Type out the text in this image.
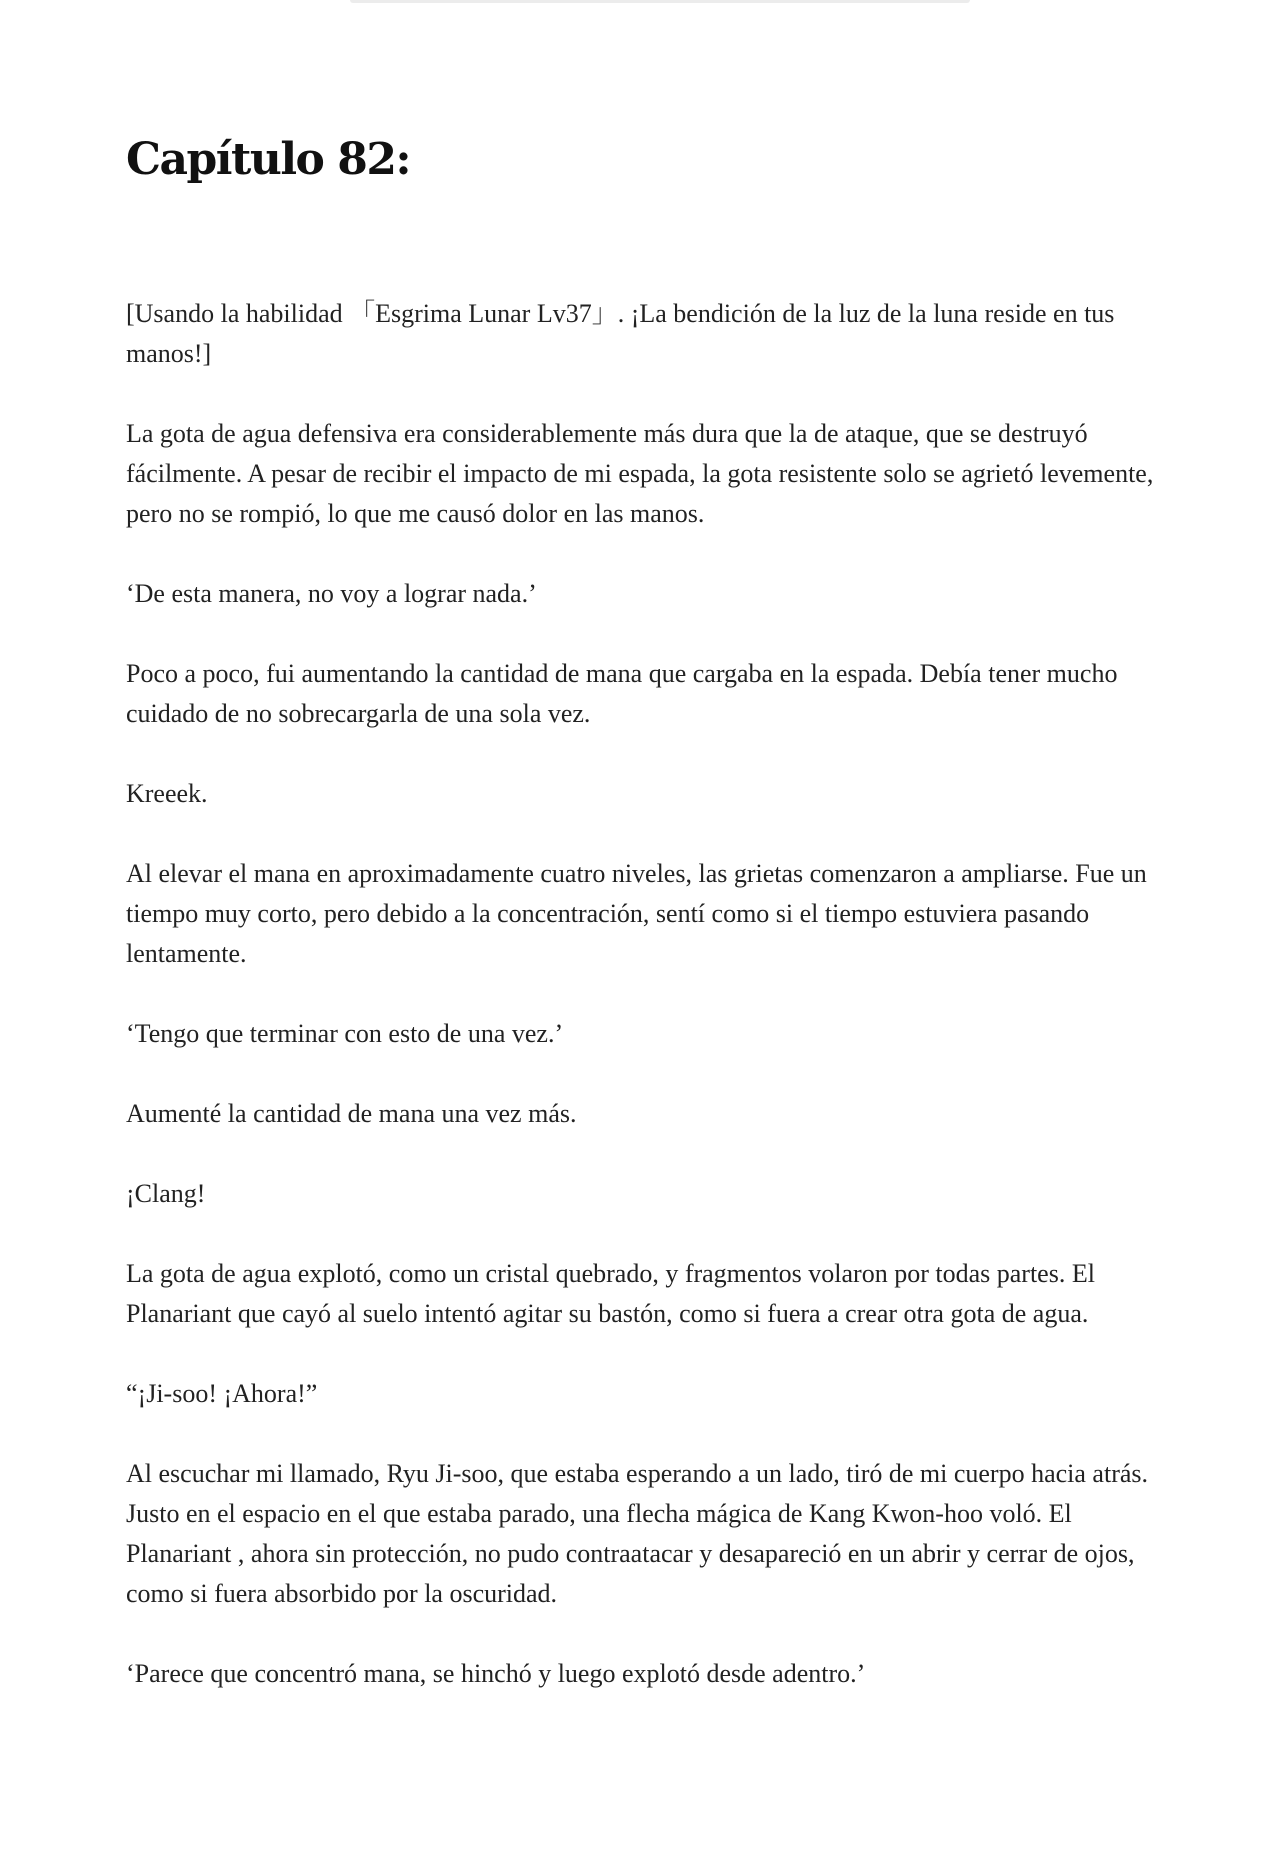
Capítulo 82:

[Usando la habilidad 「Esgrima Lunar Lv37」. ¡La bendición de la luz de la luna reside en tus manos!]

La gota de agua defensiva era considerablemente más dura que la de ataque, que se destruyó fácilmente. A pesar de recibir el impacto de mi espada, la gota resistente solo se agrietó levemente, pero no se rompió, lo que me causó dolor en las manos.

‘De esta manera, no voy a lograr nada.’

Poco a poco, fui aumentando la cantidad de mana que cargaba en la espada. Debía tener mucho cuidado de no sobrecargarla de una sola vez.

Kreeek.

Al elevar el mana en aproximadamente cuatro niveles, las grietas comenzaron a ampliarse. Fue un tiempo muy corto, pero debido a la concentración, sentí como si el tiempo estuviera pasando lentamente.

‘Tengo que terminar con esto de una vez.’

Aumenté la cantidad de mana una vez más.

¡Clang!

La gota de agua explotó, como un cristal quebrado, y fragmentos volaron por todas partes. El Planariant que cayó al suelo intentó agitar su bastón, como si fuera a crear otra gota de agua.

“¡Ji-soo! ¡Ahora!”

Al escuchar mi llamado, Ryu Ji-soo, que estaba esperando a un lado, tiró de mi cuerpo hacia atrás. Justo en el espacio en el que estaba parado, una flecha mágica de Kang Kwon-hoo voló. El Planariant , ahora sin protección, no pudo contraatacar y desapareció en un abrir y cerrar de ojos, como si fuera absorbido por la oscuridad.

‘Parece que concentró mana, se hinchó y luego explotó desde adentro.’
